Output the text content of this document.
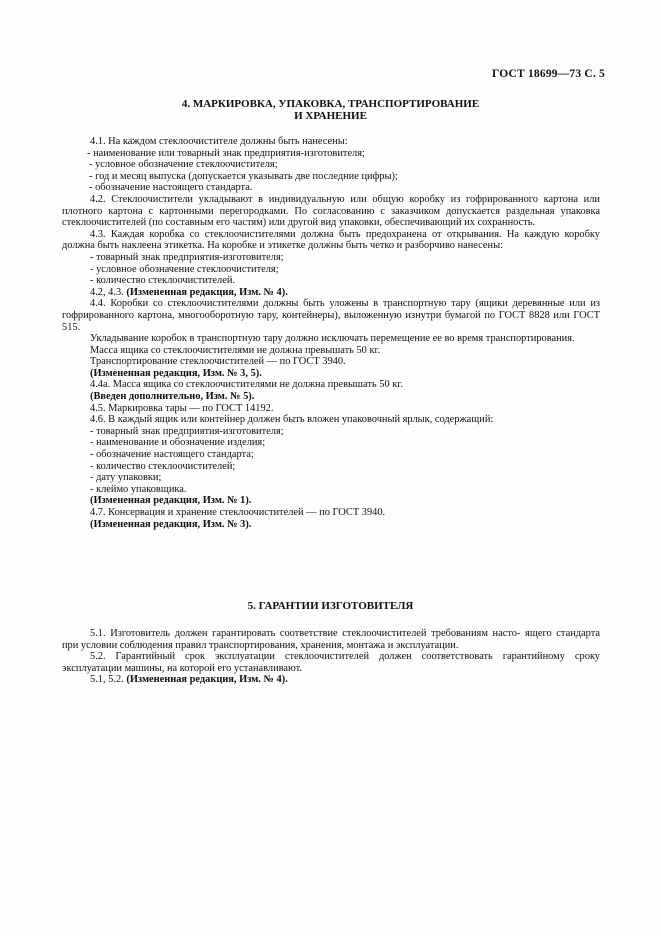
ГОСТ 18699—73 С. 5
4. МАРКИРОВКА, УПАКОВКА, ТРАНСПОРТИРОВАНИЕ
И ХРАНЕНИЕ

4.1. На каждом стеклоочистителе должны быть нанесены:

- наименование или товарный знак предприятия-изготовителя;

- условное обозначение стеклоочистителя;

- год и месяц выпуска (допускается указывать две последние цифры);

- обозначение настоящего стандарта.

4.2. Стеклоочистители укладывают в индивидуальную или общую коробку из гофрированного картона или плотного картона с картонными перегородками. По согласованию с заказчиком допускается раздельная упаковка стеклоочистителей (по составным его частям) или другой вид упаковки, обеспечивающий их сохранность.

4.3. Каждая коробка со стеклоочистителями должна быть предохранена от открывания. На каждую коробку должна быть наклеена этикетка. На коробке и этикетке должны быть четко и разборчиво нанесены:

- товарный знак предприятия-изготовителя;

- условное обозначение стеклоочистителя;

- количество стеклоочистителей.

4.2, 4.3. (Измененная редакция, Изм. № 4).

4.4. Коробки со стеклоочистителями должны быть уложены в транспортную тару (ящики деревянные или из гофрированного картона, многооборотную тару, контейнеры), выложенную изнутри бумагой по ГОСТ 8828 или ГОСТ 515.

Укладывание коробок в транспортную тару должно исключать перемещение ее во время транспортирования.

Масса ящика со стеклоочистителями не должна превышать 50 кг.

Транспортирование стеклоочистителей — по ГОСТ 3940.

(Измененная редакция, Изм. № 3, 5).

4.4а. Масса ящика со стеклоочистителями не должна превышать 50 кг.

(Введен дополнительно, Изм. № 5).

4.5. Маркировка тары — по ГОСТ 14192.

4.6. В каждый ящик или контейнер должен быть вложен упаковочный ярлык, содержащий:

- товарный знак предприятия-изготовителя;

- наименование и обозначение изделия;

- обозначение настоящего стандарта;

- количество стеклоочистителей;

- дату упаковки;

- клеймо упаковщика.

(Измененная редакция, Изм. № 1).

4.7. Консервация и хранение стеклоочистителей — по ГОСТ 3940.

(Измененная редакция, Изм. № 3).

5. ГАРАНТИИ ИЗГОТОВИТЕЛЯ

5.1. Изготовитель должен гарантировать соответствие стеклоочистителей требованиям насто- ящего стандарта при условии соблюдения правил транспортирования, хранения, монтажа и эксплуатации.

5.2. Гарантийный срок эксплуатации стеклоочистителей должен соответствовать гарантийному сроку эксплуатации машины, на которой его устанавливают.

5.1, 5.2. (Измененная редакция, Изм. № 4).
